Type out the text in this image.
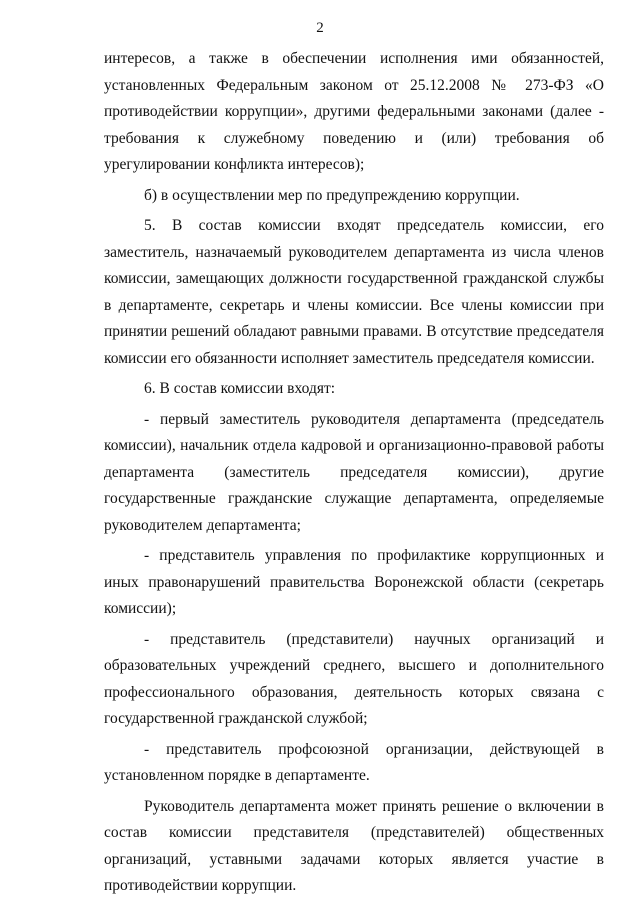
2

интересов, а также в обеспечении исполнения ими обязанностей, установленных Федеральным законом от 25.12.2008 № 273-ФЗ «О противодействии коррупции», другими федеральными законами (далее - требования к служебному поведению и (или) требования об урегулировании конфликта интересов);

б) в осуществлении мер по предупреждению коррупции.

5. В состав комиссии входят председатель комиссии, его заместитель, назначаемый руководителем департамента из числа членов комиссии, замещающих должности государственной гражданской службы в департаменте, секретарь и члены комиссии. Все члены комиссии при принятии решений обладают равными правами. В отсутствие председателя комиссии его обязанности исполняет заместитель председателя комиссии.

6. В состав комиссии входят:

- первый заместитель руководителя департамента (председатель комиссии), начальник отдела кадровой и организационно-правовой работы департамента (заместитель председателя комиссии), другие государственные гражданские служащие департамента, определяемые руководителем департамента;

- представитель управления по профилактике коррупционных и иных правонарушений правительства Воронежской области (секретарь комиссии);

- представитель (представители) научных организаций и образовательных учреждений среднего, высшего и дополнительного профессионального образования, деятельность которых связана с государственной гражданской службой;

- представитель профсоюзной организации, действующей в установленном порядке в департаменте.

Руководитель департамента может принять решение о включении в состав комиссии представителя (представителей) общественных организаций, уставными задачами которых является участие в противодействии коррупции.
